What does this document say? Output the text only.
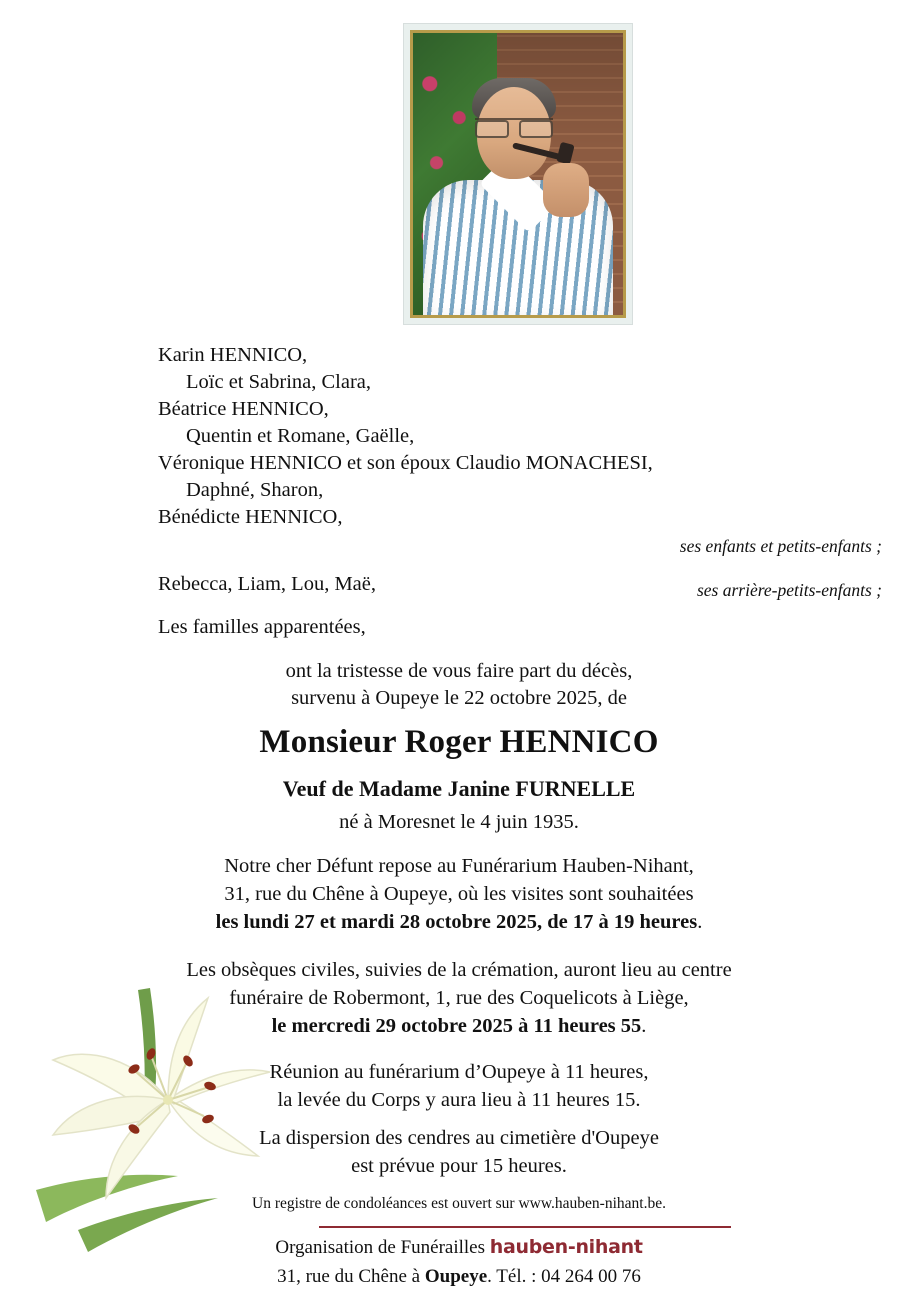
Karin HENNICO,
Loïc et Sabrina, Clara,
Béatrice HENNICO,
Quentin et Romane, Gaëlle,
Véronique HENNICO et son époux Claudio MONACHESI,
Daphné, Sharon,
Bénédicte HENNICO,
ses enfants et petits-enfants ;
Rebecca, Liam, Lou, Maë,	ses arrière-petits-enfants ;
Les familles apparentées,
ont la tristesse de vous faire part du décès,
survenu à Oupeye le 22 octobre 2025, de
Monsieur Roger HENNICO
Veuf de Madame Janine FURNELLE
né à Moresnet le 4 juin 1935.
Notre cher Défunt repose au Funérarium Hauben-Nihant,
31, rue du Chêne à Oupeye, où les visites sont souhaitées
les lundi 27 et mardi 28 octobre 2025, de 17 à 19 heures.
Les obsèques civiles, suivies de la crémation, auront lieu au centre
funéraire de Robermont, 1, rue des Coquelicots à Liège,
le mercredi 29 octobre 2025 à 11 heures 55.
Réunion au funérarium d’Oupeye à 11 heures,
la levée du Corps y aura lieu à 11 heures 15.
La dispersion des cendres au cimetière d'Oupeye
est prévue pour 15 heures.
Un registre de condoléances est ouvert sur www.hauben-nihant.be.
Organisation de Funérailles hauben-nihant
31, rue du Chêne à Oupeye. Tél. : 04 264 00 76
